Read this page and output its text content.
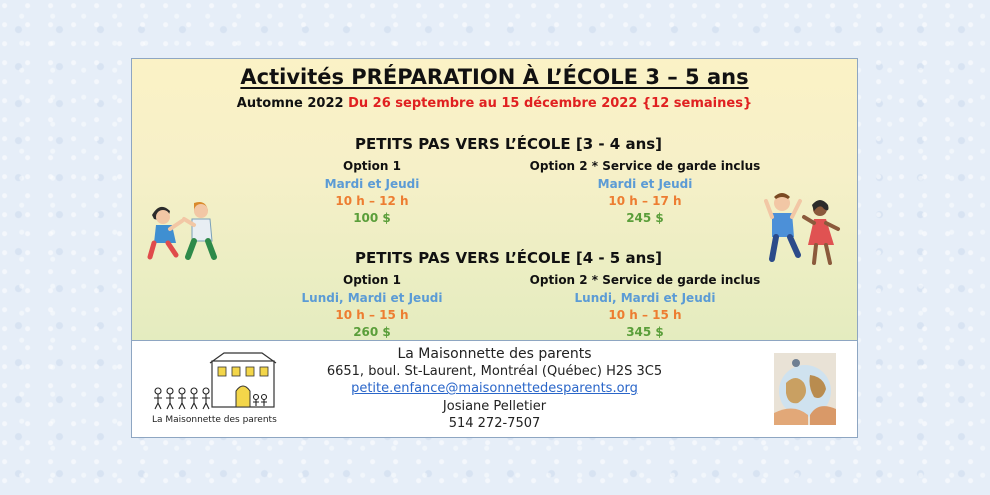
Activités PRÉPARATION À L’ÉCOLE 3 – 5 ans
Automne 2022 Du 26 septembre au 15 décembre 2022 {12 semaines}
PETITS PAS VERS L’ÉCOLE [3 - 4 ans]
Option 1
Mardi et Jeudi
10 h – 12 h
100 $
Option 2 * Service de garde inclus
Mardi et Jeudi
10 h – 17 h
245 $
PETITS PAS VERS L’ÉCOLE [4 - 5 ans]
Option 1
Lundi, Mardi et Jeudi
10 h – 15 h
260 $
Option 2 * Service de garde inclus
Lundi, Mardi et Jeudi
10 h – 15 h
345 $
La Maisonnette des parents
La Maisonnette des parents
6651, boul. St-Laurent, Montréal (Québec) H2S 3C5
petite.enfance@maisonnettedesparents.org
Josiane Pelletier
514 272-7507
